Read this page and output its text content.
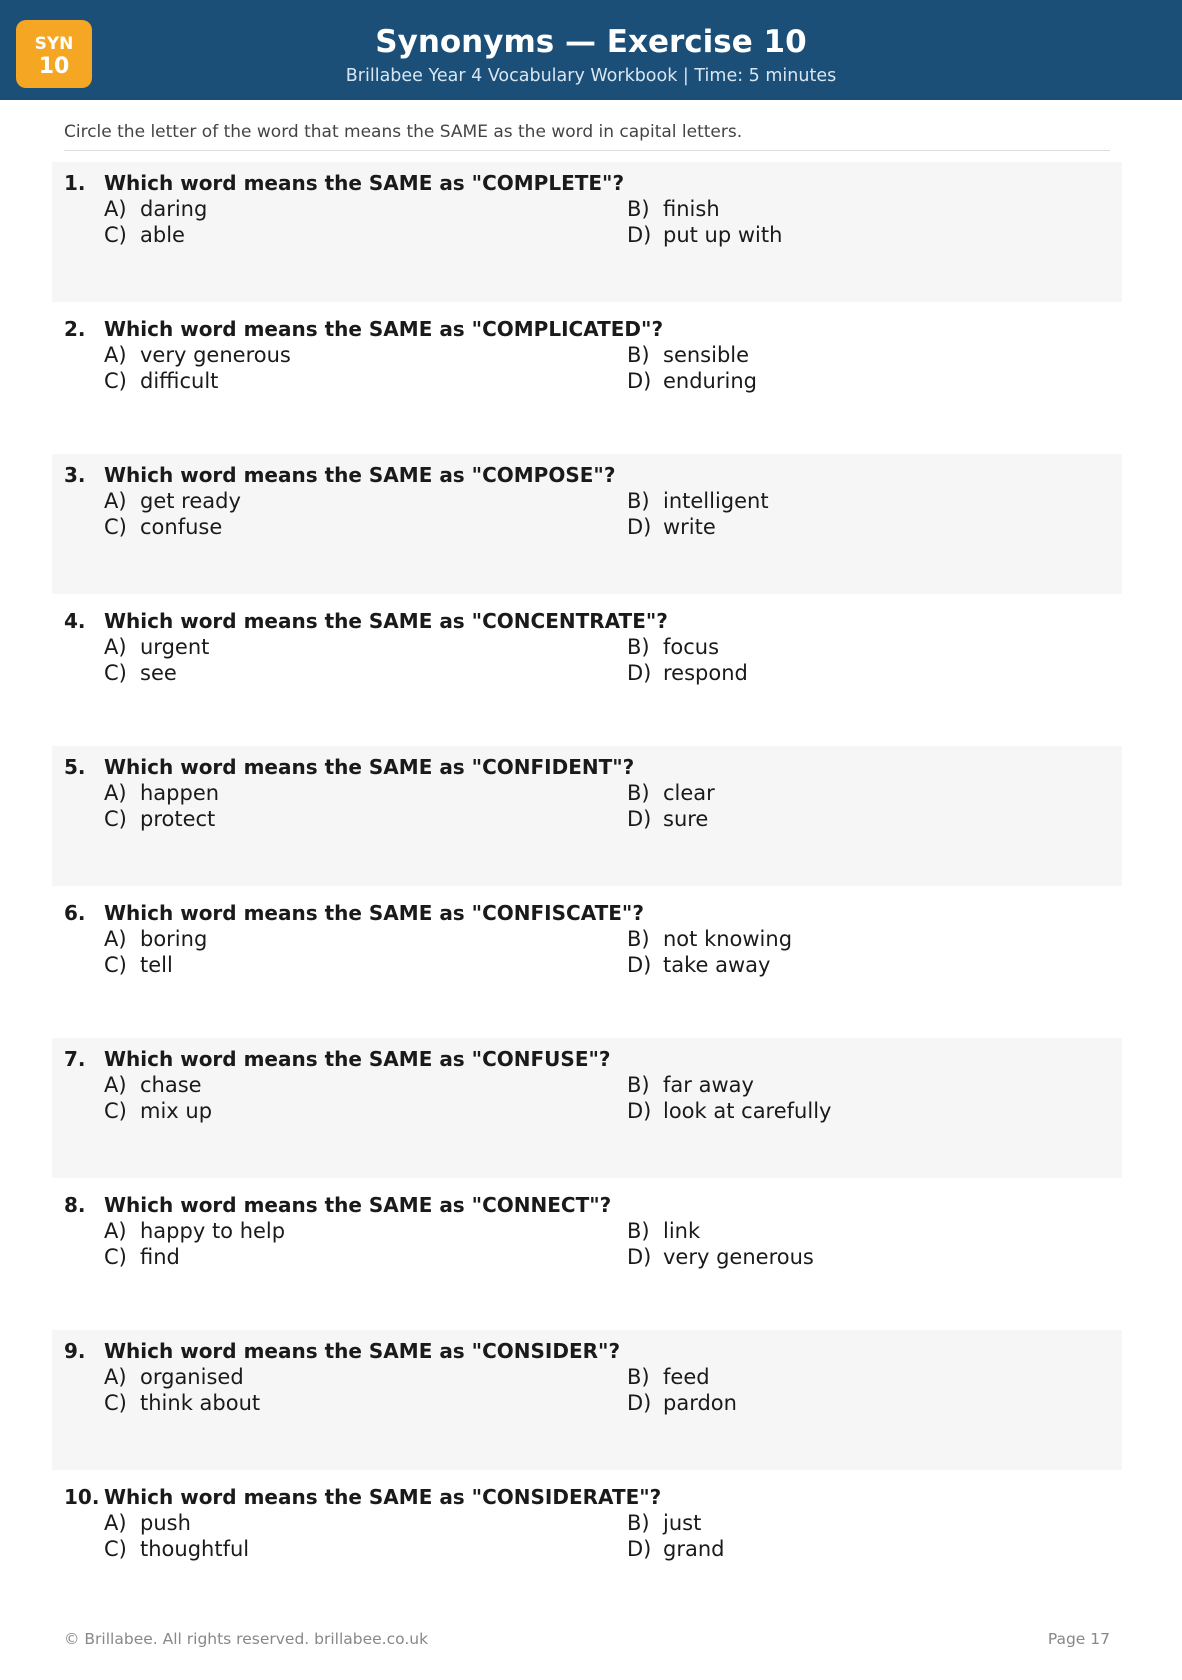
SYN
10
Synonyms — Exercise 10
Brillabee Year 4 Vocabulary Workbook | Time: 5 minutes
Circle the letter of the word that means the SAME as the word in capital letters.
1. Which word means the SAME as "COMPLETE"?
A) daring	B) finish
C) able	D) put up with
2. Which word means the SAME as "COMPLICATED"?
A) very generous	B) sensible
C) difficult	D) enduring
3. Which word means the SAME as "COMPOSE"?
A) get ready	B) intelligent
C) confuse	D) write
4. Which word means the SAME as "CONCENTRATE"?
A) urgent	B) focus
C) see	D) respond
5. Which word means the SAME as "CONFIDENT"?
A) happen	B) clear
C) protect	D) sure
6. Which word means the SAME as "CONFISCATE"?
A) boring	B) not knowing
C) tell	D) take away
7. Which word means the SAME as "CONFUSE"?
A) chase	B) far away
C) mix up	D) look at carefully
8. Which word means the SAME as "CONNECT"?
A) happy to help	B) link
C) find	D) very generous
9. Which word means the SAME as "CONSIDER"?
A) organised	B) feed
C) think about	D) pardon
10. Which word means the SAME as "CONSIDERATE"?
A) push	B) just
C) thoughtful	D) grand
© Brillabee. All rights reserved. brillabee.co.uk	Page 17
